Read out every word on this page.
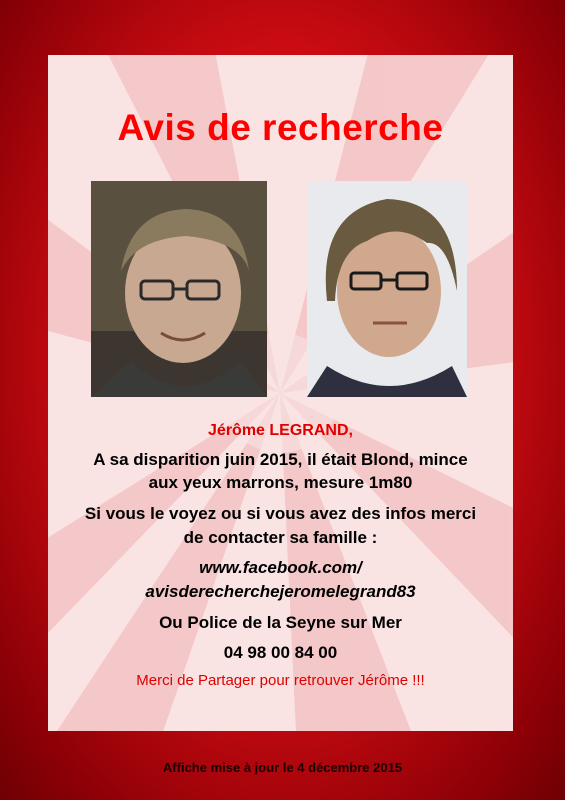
Avis de recherche
Jérôme LEGRAND,
A sa disparition juin 2015, il était Blond, mince
aux yeux marrons, mesure 1m80
Si vous le voyez ou si vous avez des infos merci
de contacter sa famille :
www.facebook.com/
avisderecherchejeromelegrand83
Ou Police de la Seyne sur Mer
04 98 00 84 00
Merci de Partager pour retrouver Jérôme !!!
Affiche mise à jour le 4 décembre 2015
